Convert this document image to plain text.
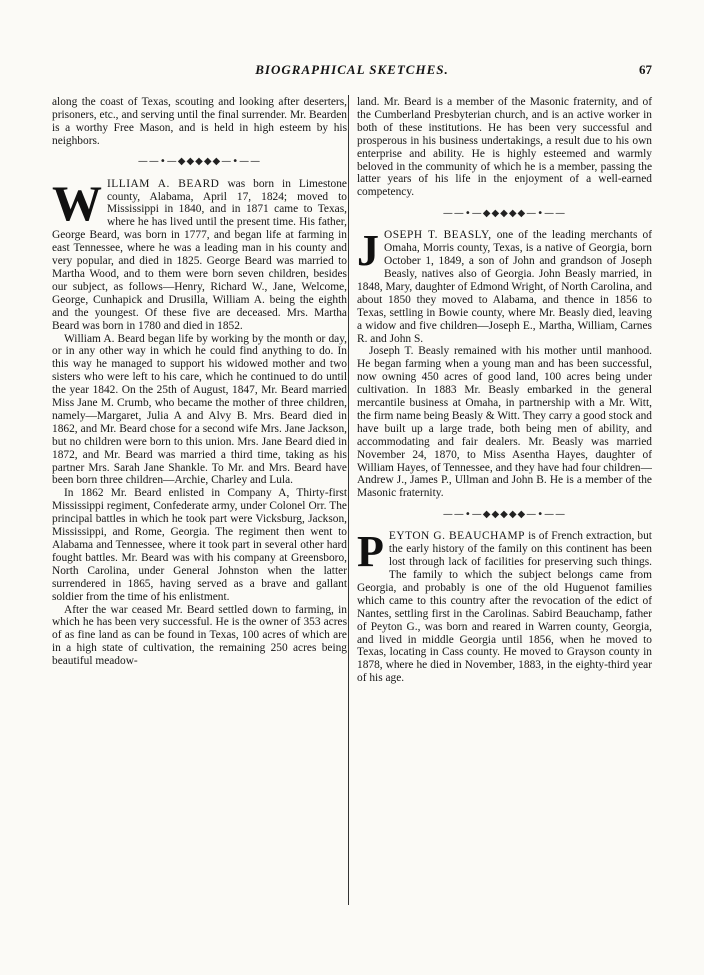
BIOGRAPHICAL SKETCHES.	67

along the coast of Texas, scouting and looking after deserters, prisoners, etc., and serving until the final surrender. Mr. Bearden is a worthy Free Mason, and is held in high esteem by his neighbors.

——•—◆◆◆◆◆—•——

WILLIAM A. BEARD was born in Limestone county, Alabama, April 17, 1824; moved to Mississippi in 1840, and in 1871 came to Texas, where he has lived until the present time. His father, George Beard, was born in 1777, and began life at farming in east Tennessee, where he was a leading man in his county and very popular, and died in 1825. George Beard was married to Martha Wood, and to them were born seven children, besides our subject, as follows—Henry, Richard W., Jane, Welcome, George, Cunhapick and Drusilla, William A. being the eighth and the youngest. Of these five are deceased. Mrs. Martha Beard was born in 1780 and died in 1852.

William A. Beard began life by working by the month or day, or in any other way in which he could find anything to do. In this way he managed to support his widowed mother and two sisters who were left to his care, which he continued to do until the year 1842. On the 25th of August, 1847, Mr. Beard married Miss Jane M. Crumb, who became the mother of three children, namely—Margaret, Julia A and Alvy B. Mrs. Beard died in 1862, and Mr. Beard chose for a second wife Mrs. Jane Jackson, but no children were born to this union. Mrs. Jane Beard died in 1872, and Mr. Beard was married a third time, taking as his partner Mrs. Sarah Jane Shankle. To Mr. and Mrs. Beard have been born three children—Archie, Charley and Lula.

In 1862 Mr. Beard enlisted in Company A, Thirty-first Mississippi regiment, Confederate army, under Colonel Orr. The principal battles in which he took part were Vicksburg, Jackson, Mississippi, and Rome, Georgia. The regiment then went to Alabama and Tennessee, where it took part in several other hard fought battles. Mr. Beard was with his company at Greensboro, North Carolina, under General Johnston when the latter surrendered in 1865, having served as a brave and gallant soldier from the time of his enlistment.

After the war ceased Mr. Beard settled down to farming, in which he has been very successful. He is the owner of 353 acres of as fine land as can be found in Texas, 100 acres of which are in a high state of cultivation, the remaining 250 acres being beautiful meadow-

land. Mr. Beard is a member of the Masonic fraternity, and of the Cumberland Presbyterian church, and is an active worker in both of these institutions. He has been very successful and prosperous in his business undertakings, a result due to his own enterprise and ability. He is highly esteemed and warmly beloved in the community of which he is a member, passing the latter years of his life in the enjoyment of a well-earned competency.

——•—◆◆◆◆◆—•——

JOSEPH T. BEASLY, one of the leading merchants of Omaha, Morris county, Texas, is a native of Georgia, born October 1, 1849, a son of John and grandson of Joseph Beasly, natives also of Georgia. John Beasly married, in 1848, Mary, daughter of Edmond Wright, of North Carolina, and about 1850 they moved to Alabama, and thence in 1856 to Texas, settling in Bowie county, where Mr. Beasly died, leaving a widow and five children—Joseph E., Martha, William, Carnes R. and John S.

Joseph T. Beasly remained with his mother until manhood. He began farming when a young man and has been successful, now owning 450 acres of good land, 100 acres being under cultivation. In 1883 Mr. Beasly embarked in the general mercantile business at Omaha, in partnership with a Mr. Witt, the firm name being Beasly & Witt. They carry a good stock and have built up a large trade, both being men of ability, and accommodating and fair dealers. Mr. Beasly was married November 24, 1870, to Miss Asentha Hayes, daughter of William Hayes, of Tennessee, and they have had four children—Andrew J., James P., Ullman and John B. He is a member of the Masonic fraternity.

——•—◆◆◆◆◆—•——

PEYTON G. BEAUCHAMP is of French extraction, but the early history of the family on this continent has been lost through lack of facilities for preserving such things. The family to which the subject belongs came from Georgia, and probably is one of the old Huguenot families which came to this country after the revocation of the edict of Nantes, settling first in the Carolinas. Sabird Beauchamp, father of Peyton G., was born and reared in Warren county, Georgia, and lived in middle Georgia until 1856, when he moved to Texas, locating in Cass county. He moved to Grayson county in 1878, where he died in November, 1883, in the eighty-third year of his age.
